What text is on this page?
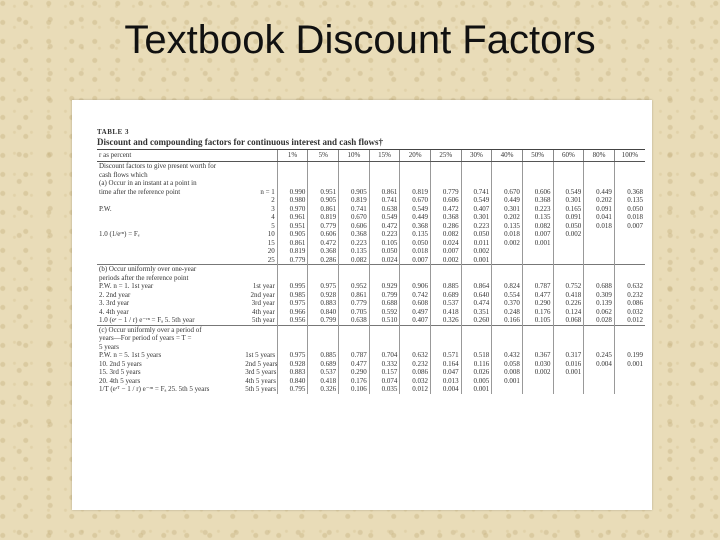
Textbook Discount Factors
TABLE 3
Discount and compounding factors for continuous interest and cash flows†
r as percent		1%	5%	10%	15%	20%	25%	30%	40%	50%	60%	80%	100%
Discount factors to give present worth for													
cash flows which													
(a) Occur in an instant at a point in													
time after the reference point	n = 1	0.990	0.951	0.905	0.861	0.819	0.779	0.741	0.670	0.606	0.549	0.449	0.368
	2	0.980	0.905	0.819	0.741	0.670	0.606	0.549	0.449	0.368	0.301	0.202	0.135
P.W.	3	0.970	0.861	0.741	0.638	0.549	0.472	0.407	0.301	0.223	0.165	0.091	0.050
	4	0.961	0.819	0.670	0.549	0.449	0.368	0.301	0.202	0.135	0.091	0.041	0.018
	5	0.951	0.779	0.606	0.472	0.368	0.286	0.223	0.135	0.082	0.050	0.018	0.007

1.0 (1/eʳⁿ) = Fₑ	10	0.905	0.606	0.368	0.223	0.135	0.082	0.050	0.018	0.007	0.002		
	15	0.861	0.472	0.223	0.105	0.050	0.024	0.011	0.002	0.001			
	20	0.819	0.368	0.135	0.050	0.018	0.007	0.002					
	25	0.779	0.286	0.082	0.024	0.007	0.002	0.001					
(b) Occur uniformly over one-year													
periods after the reference point													
P.W. n = 1. 1st year	1st year	0.995	0.975	0.952	0.929	0.906	0.885	0.864	0.824	0.787	0.752	0.688	0.632
2. 2nd year	2nd year	0.985	0.928	0.861	0.799	0.742	0.689	0.640	0.554	0.477	0.418	0.309	0.232
3. 3rd year	3rd year	0.975	0.883	0.779	0.688	0.608	0.537	0.474	0.370	0.290	0.226	0.139	0.086
4. 4th year	4th year	0.966	0.840	0.705	0.592	0.497	0.418	0.351	0.248	0.176	0.124	0.062	0.032
1.0 (eʳ − 1 / r) e⁻ʳⁿ = Fₐ 5. 5th year	5th year	0.956	0.799	0.638	0.510	0.407	0.326	0.260	0.166	0.105	0.068	0.028	0.012
(c) Occur uniformly over a period of													
years—For period of years = T =													
5 years													
P.W. n = 5. 1st 5 years	1st 5 years	0.975	0.885	0.787	0.704	0.632	0.571	0.518	0.432	0.367	0.317	0.245	0.199
10. 2nd 5 years	2nd 5 years	0.928	0.689	0.477	0.332	0.232	0.164	0.116	0.058	0.030	0.016	0.004	0.001
15. 3rd 5 years	3rd 5 years	0.883	0.537	0.290	0.157	0.086	0.047	0.026	0.008	0.002	0.001		
20. 4th 5 years	4th 5 years	0.840	0.418	0.176	0.074	0.032	0.013	0.005	0.001				
1/T (eʳᵀ − 1 / r) e⁻ʳⁿ = Fₐ 25. 5th 5 years	5th 5 years	0.795	0.326	0.106	0.035	0.012	0.004	0.001					
